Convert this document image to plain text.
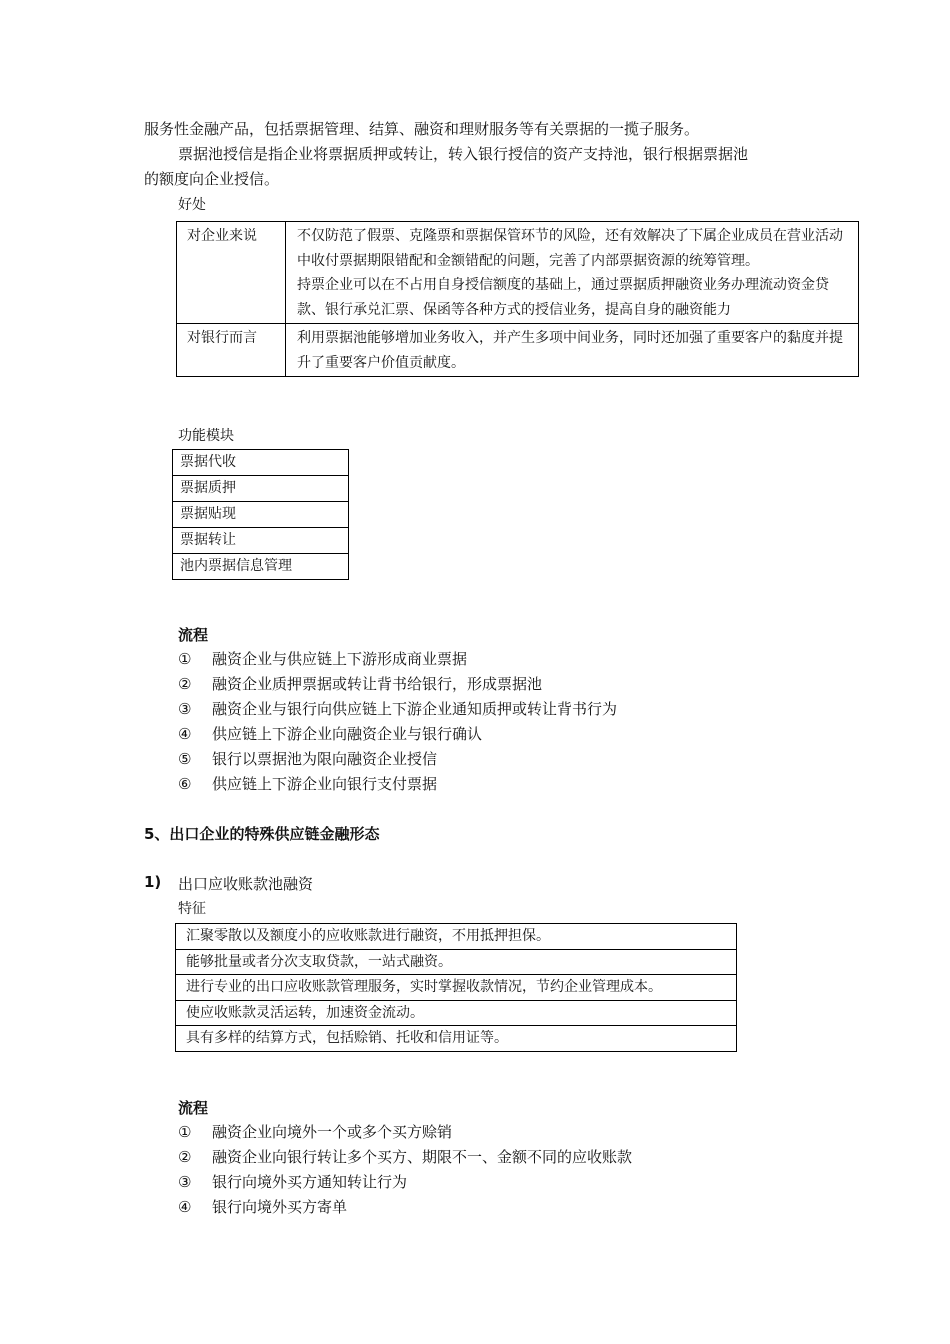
服务性金融产品，包括票据管理、结算、融资和理财服务等有关票据的一揽子服务。
票据池授信是指企业将票据质押或转让，转入银行授信的资产支持池，银行根据票据池
的额度向企业授信。
好处
对企业来说	不仅防范了假票、克隆票和票据保管环节的风险，还有效解决了下属企业成员在营业活动中收付票据期限错配和金额错配的问题，完善了内部票据资源的统筹管理。

持票企业可以在不占用自身授信额度的基础上，通过票据质押融资业务办理流动资金贷款、银行承兑汇票、保函等各种方式的授信业务，提高自身的融资能力

对银行而言	利用票据池能够增加业务收入，并产生多项中间业务，同时还加强了重要客户的黏度并提升了重要客户价值贡献度。

功能模块
票据代收
票据质押
票据贴现
票据转让
池内票据信息管理
流程
① 融资企业与供应链上下游形成商业票据
② 融资企业质押票据或转让背书给银行，形成票据池
③ 融资企业与银行向供应链上下游企业通知质押或转让背书行为
④ 供应链上下游企业向融资企业与银行确认
⑤ 银行以票据池为限向融资企业授信
⑥ 供应链上下游企业向银行支付票据
5、出口企业的特殊供应链金融形态
1) 出口应收账款池融资
特征
汇聚零散以及额度小的应收账款进行融资，不用抵押担保。
能够批量或者分次支取贷款，一站式融资。
进行专业的出口应收账款管理服务，实时掌握收款情况，节约企业管理成本。
使应收账款灵活运转，加速资金流动。
具有多样的结算方式，包括赊销、托收和信用证等。
流程
① 融资企业向境外一个或多个买方赊销
② 融资企业向银行转让多个买方、期限不一、金额不同的应收账款
③ 银行向境外买方通知转让行为
④ 银行向境外买方寄单
